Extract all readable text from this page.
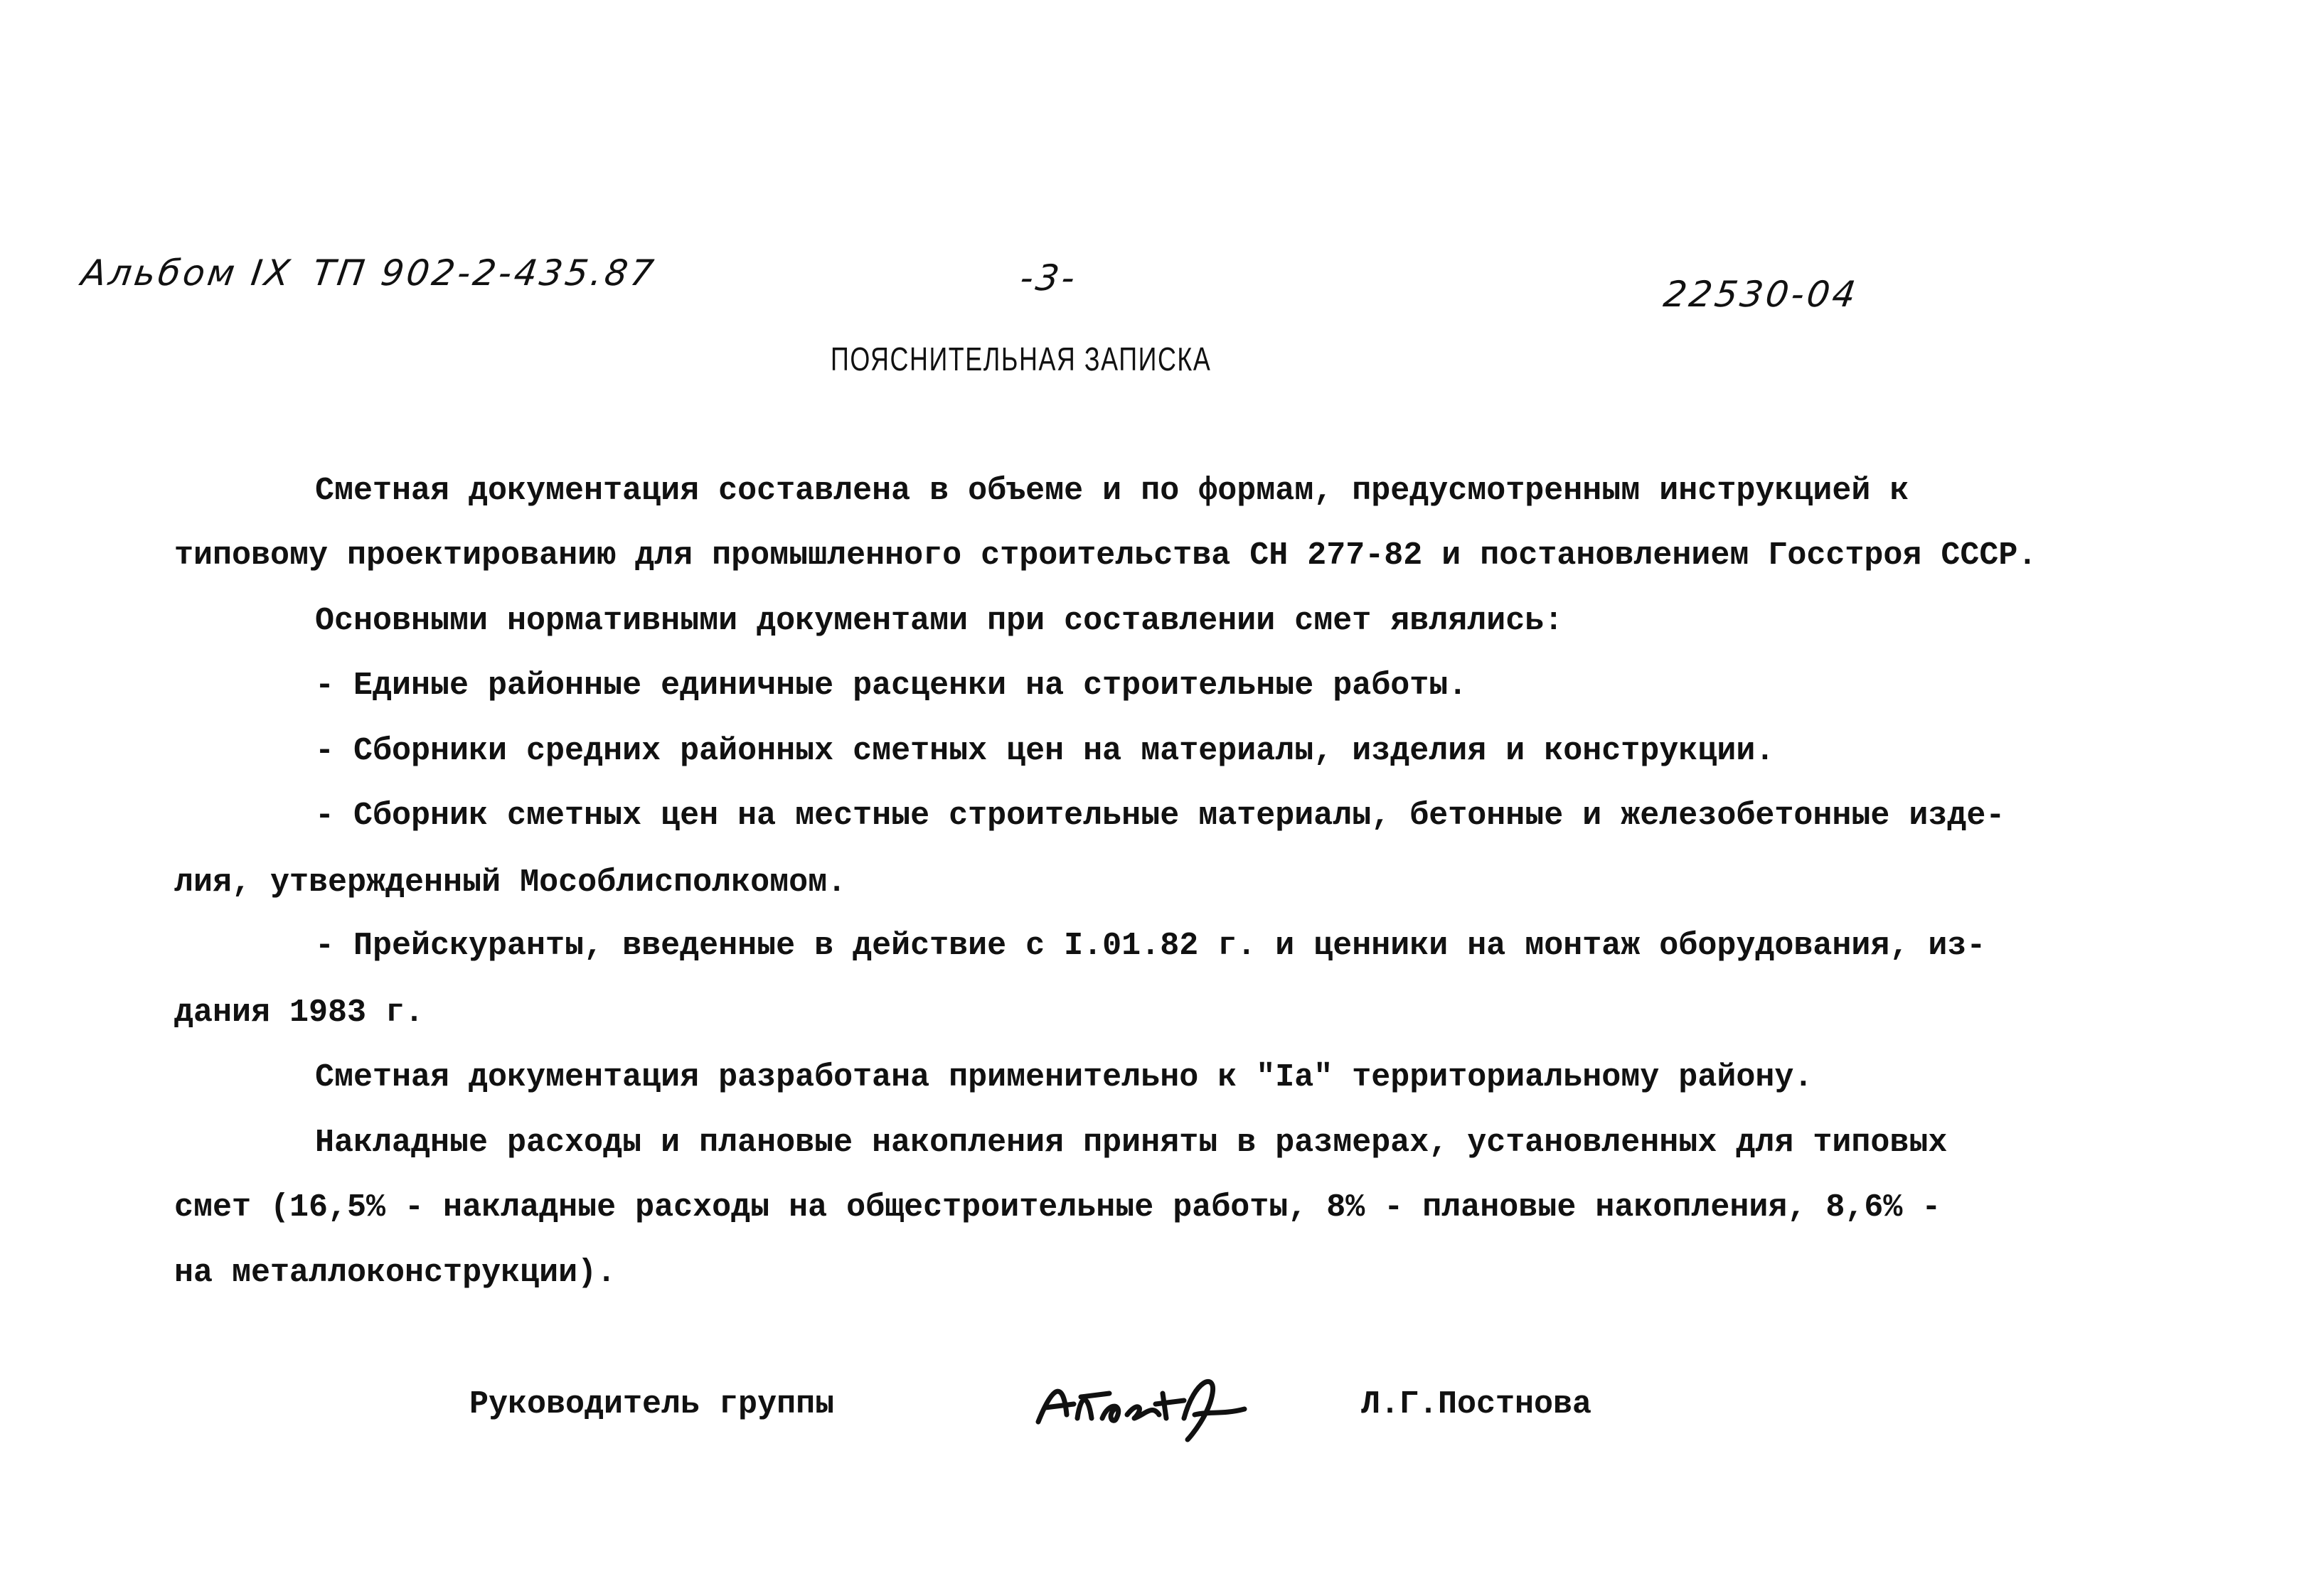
Альбом IX ТП 902-2-435.87	-3-	22530-04
ПОЯСНИТЕЛЬНАЯ ЗАПИСКА
Сметная документация составлена в объеме и по формам, предусмотренным инструкцией к
типовому проектированию для промышленного строительства СН 277-82 и постановлением Госстроя СССР.
Основными нормативными документами при составлении смет являлись:
- Единые районные единичные расценки на строительные работы.
- Сборники средних районных сметных цен на материалы, изделия и конструкции.
- Сборник сметных цен на местные строительные материалы, бетонные и железобетонные изде-
лия, утвержденный Мособлисполкомом.
- Прейскуранты, введенные в действие с I.01.82 г. и ценники на монтаж оборудования, из-
дания 1983 г.
Сметная документация разработана применительно к "Iа" территориальному району.
Накладные расходы и плановые накопления приняты в размерах, установленных для типовых
смет (16,5% - накладные расходы на общестроительные работы, 8% - плановые накопления, 8,6% -
на металлоконструкции).
Руководитель группы	Л.Г.Постнова
